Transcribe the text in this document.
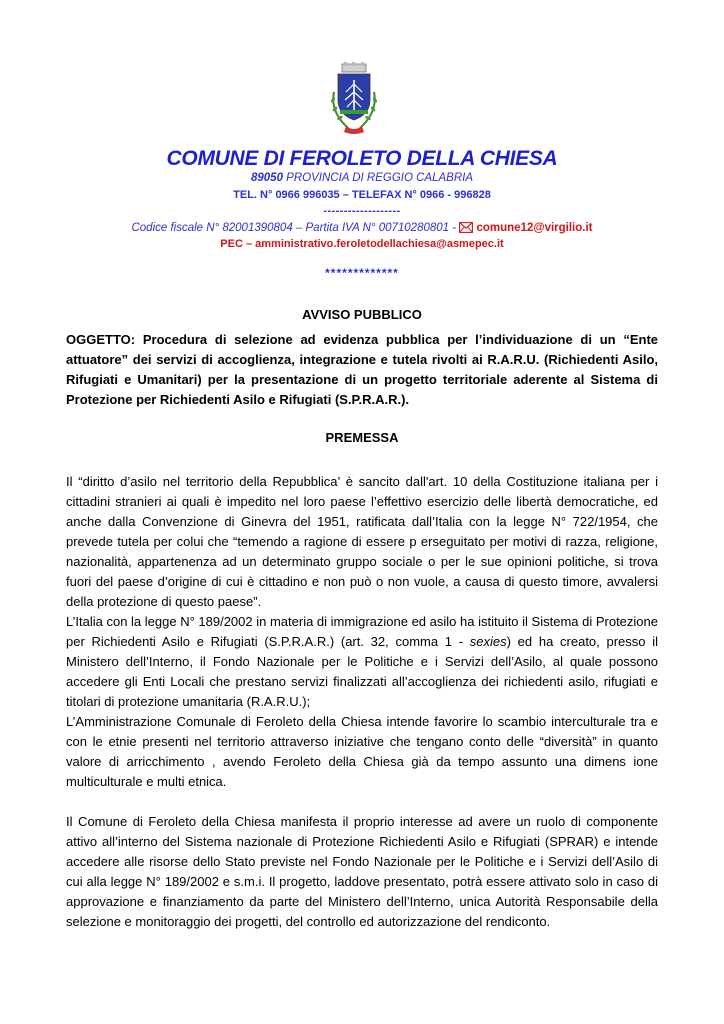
COMUNE DI FEROLETO DELLA CHIESA
89050 PROVINCIA DI REGGIO CALABRIA
TEL. N° 0966 996035 – TELEFAX N° 0966 - 996828
-------------------
Codice fiscale N° 82001390804 – Partita IVA N° 00710280801 -  comune12@virgilio.it
PEC – amministrativo.feroletodellachiesa@asmepec.it
*************
AVVISO PUBBLICO
OGGETTO: Procedura di selezione ad evidenza pubblica per l’individuazione di un “Ente attuatore” dei servizi di accoglienza, integrazione e tutela rivolti ai R.A.R.U. (Richiedenti Asilo, Rifugiati e Umanitari) per la presentazione di un progetto territoriale aderente al Sistema di Protezione per Richiedenti Asilo e Rifugiati (S.P.R.A.R.).
PREMESSA
Il “diritto d’asilo nel territorio della Repubblica’ è sancito dall'art. 10 della Costituzione italiana per i cittadini stranieri ai quali è impedito nel loro paese l’effettivo esercizio delle libertà democratiche, ed anche dalla Convenzione di Ginevra del 1951, ratificata dall’Italia con la legge N° 722/1954, che prevede tutela per colui che “temendo a ragione di essere p erseguitato per motivi di razza, religione, nazionalità, appartenenza ad un determinato gruppo sociale o per le sue opinioni politiche, si trova fuori del paese d’origine di cui è cittadino e non può o non vuole, a causa di questo timore, avvalersi della protezione di questo paese”.
L’Italia con la legge N° 189/2002 in materia di immigrazione ed asilo ha istituito il Sistema di Protezione per Richiedenti Asilo e Rifugiati (S.P.R.A.R.) (art. 32, comma 1 - sexies) ed ha creato, presso il Ministero dell’Interno, il Fondo Nazionale per le Politiche e i Servizi dell’Asilo, al quale possono accedere gli Enti Locali che prestano servizi finalizzati all’accoglienza dei richiedenti asilo, rifugiati e titolari di protezione umanitaria (R.A.R.U.);
L’Amministrazione Comunale di Feroleto della Chiesa intende favorire lo scambio interculturale tra e con le etnie presenti nel territorio attraverso iniziative che tengano conto delle “diversità” in quanto valore di arricchimento , avendo Feroleto della Chiesa già da tempo assunto una dimens ione multiculturale e multi etnica.
Il Comune di Feroleto della Chiesa manifesta il proprio interesse ad avere un ruolo di componente attivo all’interno del Sistema nazionale di Protezione Richiedenti Asilo e Rifugiati (SPRAR) e intende accedere alle risorse dello Stato previste nel Fondo Nazionale per le Politiche e i Servizi dell’Asilo di cui alla legge N° 189/2002 e s.m.i. Il progetto, laddove presentato, potrà essere attivato solo in caso di approvazione e finanziamento da parte del Ministero dell’Interno, unica Autorità Responsabile della selezione e monitoraggio dei progetti, del controllo ed autorizzazione del rendiconto.
